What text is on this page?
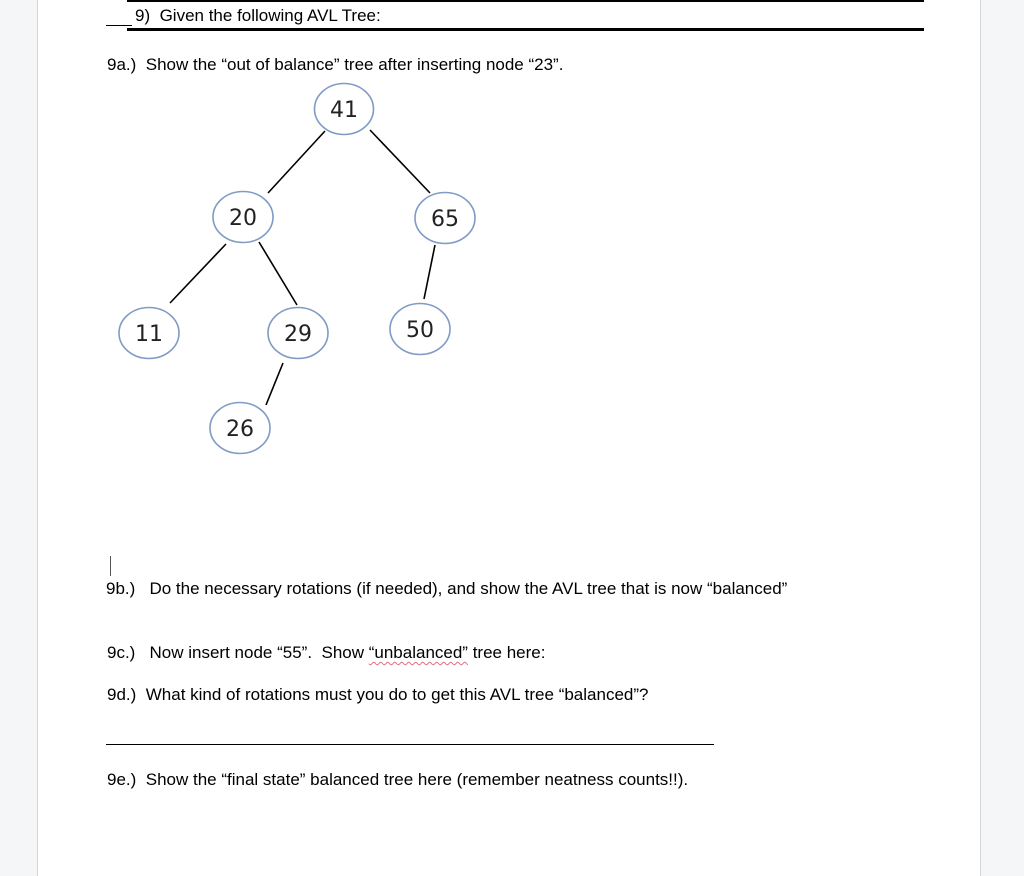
9) Given the following AVL Tree:
9a.) Show the “out of balance” tree after inserting node “23”.
41
20	65
11	29	50
26
9b.) Do the necessary rotations (if needed), and show the AVL tree that is now “balanced”
9c.) Now insert node “55”.  Show “unbalanced” tree here:
9d.) What kind of rotations must you do to get this AVL tree “balanced”?
9e.) Show the “final state” balanced tree here (remember neatness counts!!).
